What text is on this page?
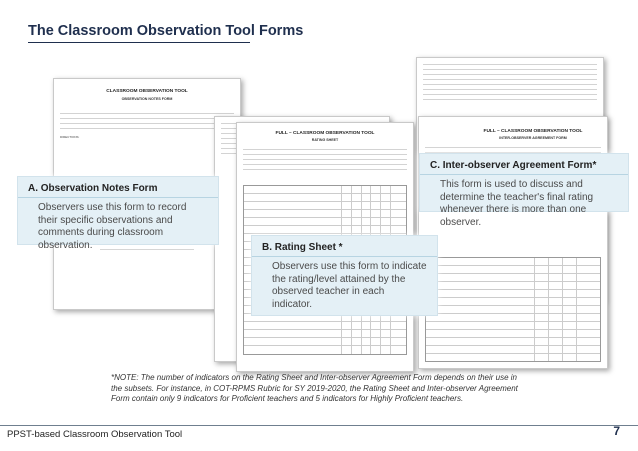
The Classroom Observation Tool Forms
CLASSROOM OBSERVATION TOOL
OBSERVATION NOTES FORM
DIRECTIONS:
FULL – CLASSROOM OBSERVATION TOOL
RATING SHEET
FULL – CLASSROOM OBSERVATION TOOL
INTER-OBSERVER AGREEMENT FORM
A. Observation Notes Form
Observers use this form to record their specific observations and comments during classroom observation.	B. Rating Sheet *
Observers use this form to indicate the rating/level attained by the observed teacher in each indicator.
C. Inter-observer Agreement Form*
This form is used to discuss and determine the teacher's final rating whenever there is more than one observer.
*NOTE: The number of indicators on the Rating Sheet and Inter-observer Agreement Form depends on their use in the subsets. For instance, in COT-RPMS Rubric for SY 2019-2020, the Rating Sheet and Inter-observer Agreement Form contain only 9 indicators for Proficient teachers and 5 indicators for Highly Proficient teachers.
PPST-based Classroom Observation Tool	7
